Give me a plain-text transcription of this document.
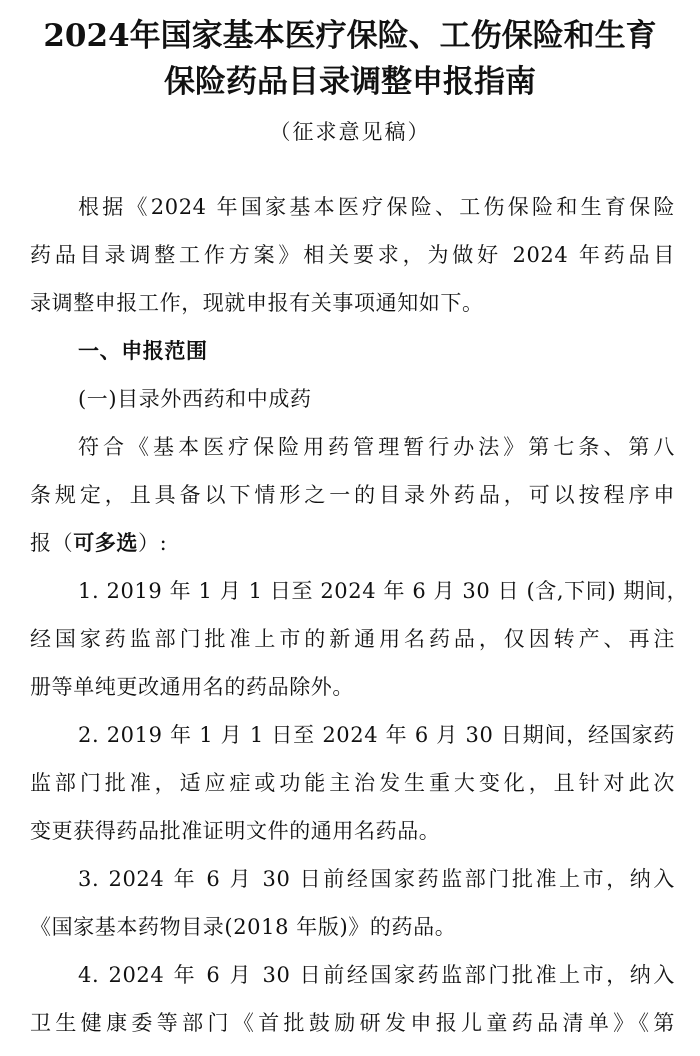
2024年国家基本医疗保险、工伤保险和生育
保险药品目录调整申报指南
（征求意见稿）
根据《2024 年国家基本医疗保险、工伤保险和生育保险
药品目录调整工作方案》相关要求，为做好 2024 年药品目
录调整申报工作，现就申报有关事项通知如下。
一、申报范围
(一)目录外西药和中成药
符合《基本医疗保险用药管理暂行办法》第七条、第八
条规定，且具备以下情形之一的目录外药品，可以按程序申
报（可多选）:
1. 2019 年 1 月 1 日至 2024 年 6 月 30 日 (含,下同) 期间，
经国家药监部门批准上市的新通用名药品，仅因转产、再注
册等单纯更改通用名的药品除外。
2. 2019 年 1 月 1 日至 2024 年 6 月 30 日期间，经国家药
监部门批准，适应症或功能主治发生重大变化，且针对此次
变更获得药品批准证明文件的通用名药品。
3. 2024 年 6 月 30 日前经国家药监部门批准上市，纳入
《国家基本药物目录(2018 年版)》的药品。
4. 2024 年 6 月 30 日前经国家药监部门批准上市，纳入
卫生健康委等部门《首批鼓励研发申报儿童药品清单》《第
